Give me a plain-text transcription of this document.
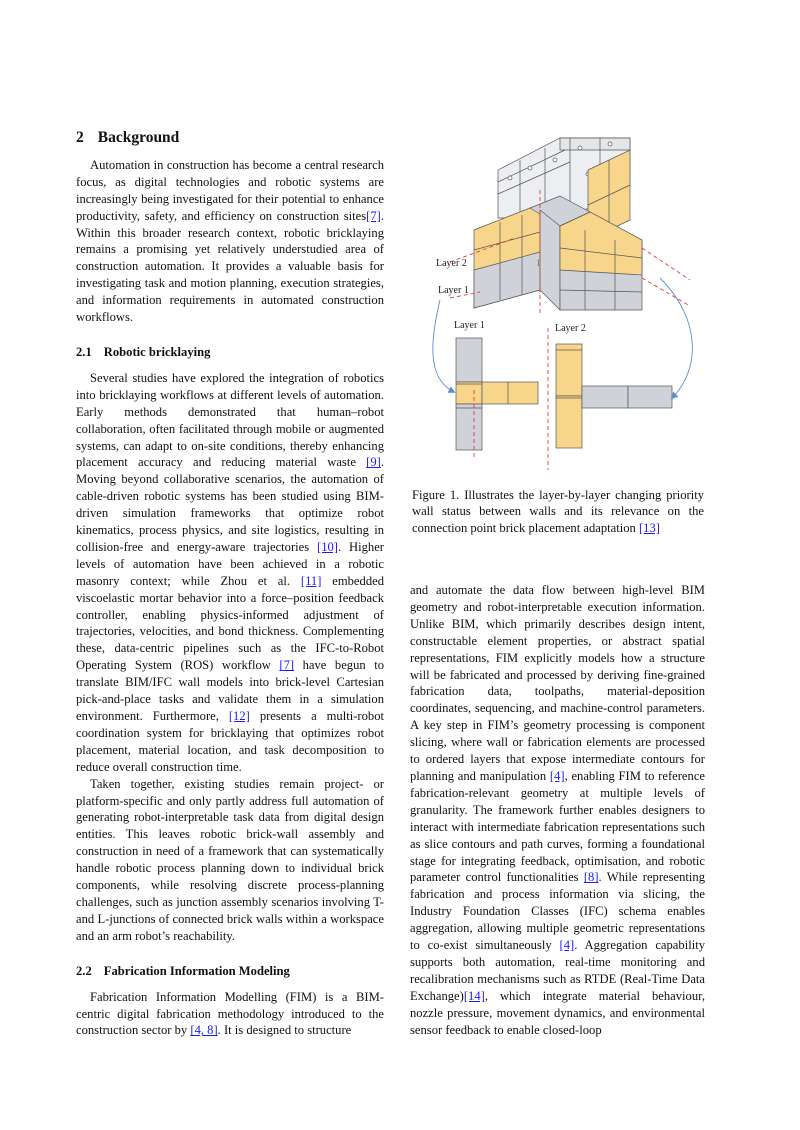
2 Background

Automation in construction has become a central research focus, as digital technologies and robotic systems are increasingly being investigated for their potential to enhance productivity, safety, and efficiency on construction sites[7]. Within this broader research context, robotic bricklaying remains a promising yet relatively understudied area of construction automation. It provides a valuable basis for investigating task and motion planning, execution strategies, and information requirements in automated construction workflows.

2.1 Robotic bricklaying

Several studies have explored the integration of robotics into bricklaying workflows at different levels of automation. Early methods demonstrated that human–robot collaboration, often facilitated through mobile or augmented systems, can adapt to on-site conditions, thereby enhancing placement accuracy and reducing material waste [9]. Moving beyond collaborative scenarios, the automation of cable-driven robotic systems has been studied using BIM-driven simulation frameworks that optimize robot kinematics, process physics, and site logistics, resulting in collision-free and energy-aware trajectories [10]. Higher levels of automation have been achieved in a robotic masonry context; while Zhou et al. [11] embedded viscoelastic mortar behavior into a force–position feedback controller, enabling physics-informed adjustment of trajectories, velocities, and bond thickness. Complementing these, data-centric pipelines such as the IFC-to-Robot Operating System (ROS) workflow [7] have begun to translate BIM/IFC wall models into brick-level Cartesian pick-and-place tasks and validate them in a simulation environment. Furthermore, [12] presents a multi-robot coordination system for bricklaying that optimizes robot placement, material location, and task decomposition to reduce overall construction time.

Taken together, existing studies remain project- or platform-specific and only partly address full automation of generating robot-interpretable task data from digital design entities. This leaves robotic brick-wall assembly and construction in need of a framework that can systematically handle robotic process planning down to individual brick components, while resolving discrete process-planning challenges, such as junction assembly scenarios involving T- and L-junctions of connected brick walls within a workspace and an arm robot’s reachability.

2.2 Fabrication Information Modeling

Fabrication Information Modelling (FIM) is a BIM-centric digital fabrication methodology introduced to the construction sector by [4, 8]. It is designed to structure

1
Layer 2
Layer 1
Layer 1	Layer 2
Figure 1. Illustrates the layer-by-layer changing priority wall status between walls and its relevance on the connection point brick placement adaptation [13]

and automate the data flow between high-level BIM geometry and robot-interpretable execution information. Unlike BIM, which primarily describes design intent, constructable element properties, or abstract spatial representations, FIM explicitly models how a structure will be fabricated and processed by deriving fine-grained fabrication data, toolpaths, material-deposition coordinates, sequencing, and machine-control parameters. A key step in FIM’s geometry processing is component slicing, where wall or fabrication elements are processed to ordered layers that expose intermediate contours for planning and manipulation [4], enabling FIM to reference fabrication-relevant geometry at multiple levels of granularity. The framework further enables designers to interact with intermediate fabrication representations such as slice contours and path curves, forming a foundational stage for integrating feedback, optimisation, and robotic parameter control functionalities [8]. While representing fabrication and process information via slicing, the Industry Foundation Classes (IFC) schema enables aggregation, allowing multiple geometric representations to co-exist simultaneously [4]. Aggregation capability supports both automation, real-time monitoring and recalibration mechanisms such as RTDE (Real-Time Data Exchange)[14], which integrate material behaviour, nozzle pressure, movement dynamics, and environmental sensor feedback to enable closed-loop
